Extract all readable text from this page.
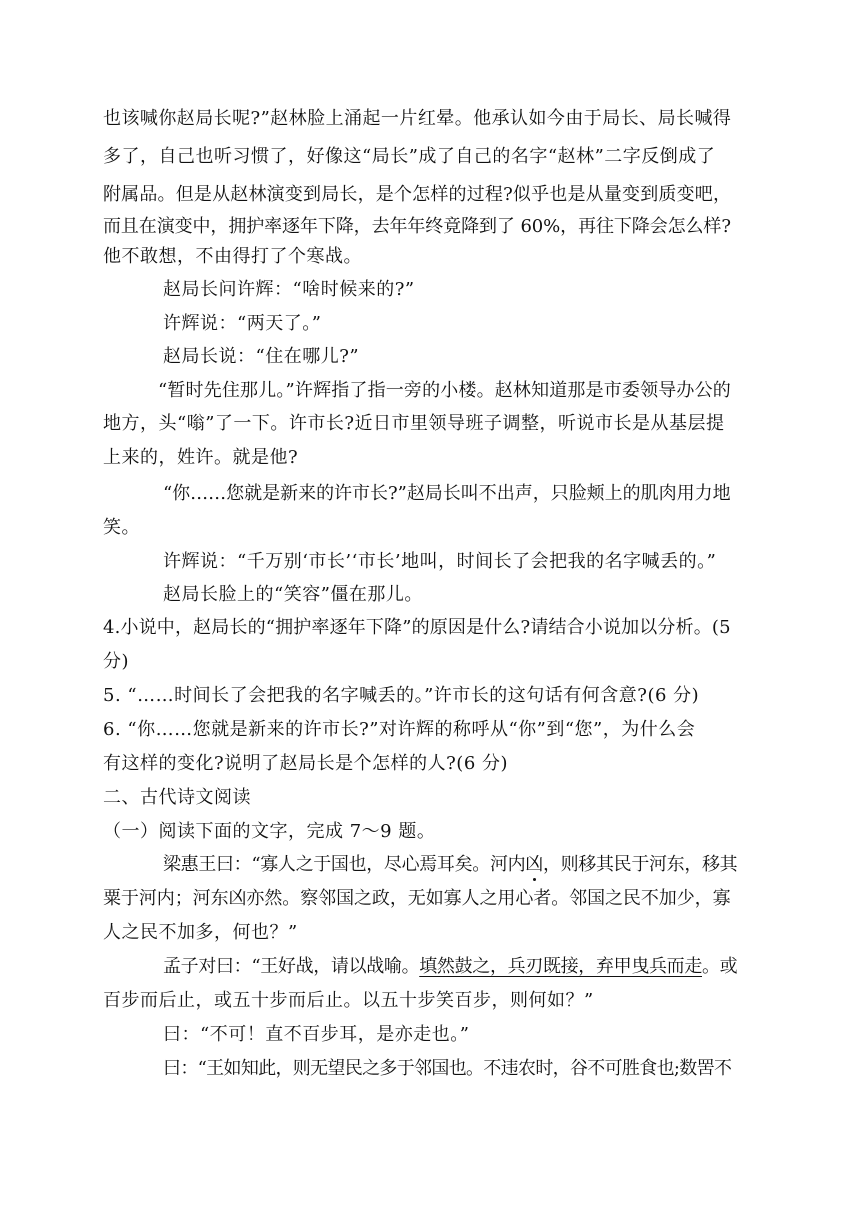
也该喊你赵局长呢?”赵林脸上涌起一片红晕。他承认如今由于局长、局长喊得
多了，自己也听习惯了，好像这“局长”成了自己的名字“赵林”二字反倒成了
附属品。但是从赵林演变到局长，是个怎样的过程?似乎也是从量变到质变吧，
而且在演变中，拥护率逐年下降，去年年终竟降到了 60%，再往下降会怎么样?
他不敢想，不由得打了个寒战。
赵局长问许辉：“啥时候来的?”
许辉说：“两天了。”
赵局长说：“住在哪儿?”
“暂时先住那儿。”许辉指了指一旁的小楼。赵林知道那是市委领导办公的
地方，头“嗡”了一下。许市长?近日市里领导班子调整，听说市长是从基层提
上来的，姓许。就是他?
“你……您就是新来的许市长?”赵局长叫不出声，只脸颊上的肌肉用力地
笑。
许辉说：“千万别‘市长’‘市长’地叫，时间长了会把我的名字喊丢的。”
赵局长脸上的“笑容”僵在那儿。
4.小说中，赵局长的“拥护率逐年下降”的原因是什么?请结合小说加以分析。(5
分)
5. “……时间长了会把我的名字喊丢的。”许市长的这句话有何含意?(6 分)
6. “你……您就是新来的许市长?”对许辉的称呼从“你”到“您”，为什么会
有这样的变化?说明了赵局长是个怎样的人?(6 分)
二、古代诗文阅读
（一）阅读下面的文字，完成 7～9 题。
梁惠王曰：“寡人之于国也，尽心焉耳矣。河内凶，则移其民于河东，移其
粟于河内；河东凶亦然。察邻国之政，无如寡人之用心者。邻国之民不加少，寡
人之民不加多，何也？”
孟子对曰：“王好战，请以战喻。填然鼓之，兵刃既接，弃甲曳兵而走。或
百步而后止，或五十步而后止。以五十步笑百步，则何如？”
曰：“不可！直不百步耳，是亦走也。”
曰：“王如知此，则无望民之多于邻国也。不违农时，谷不可胜食也;数罟不
